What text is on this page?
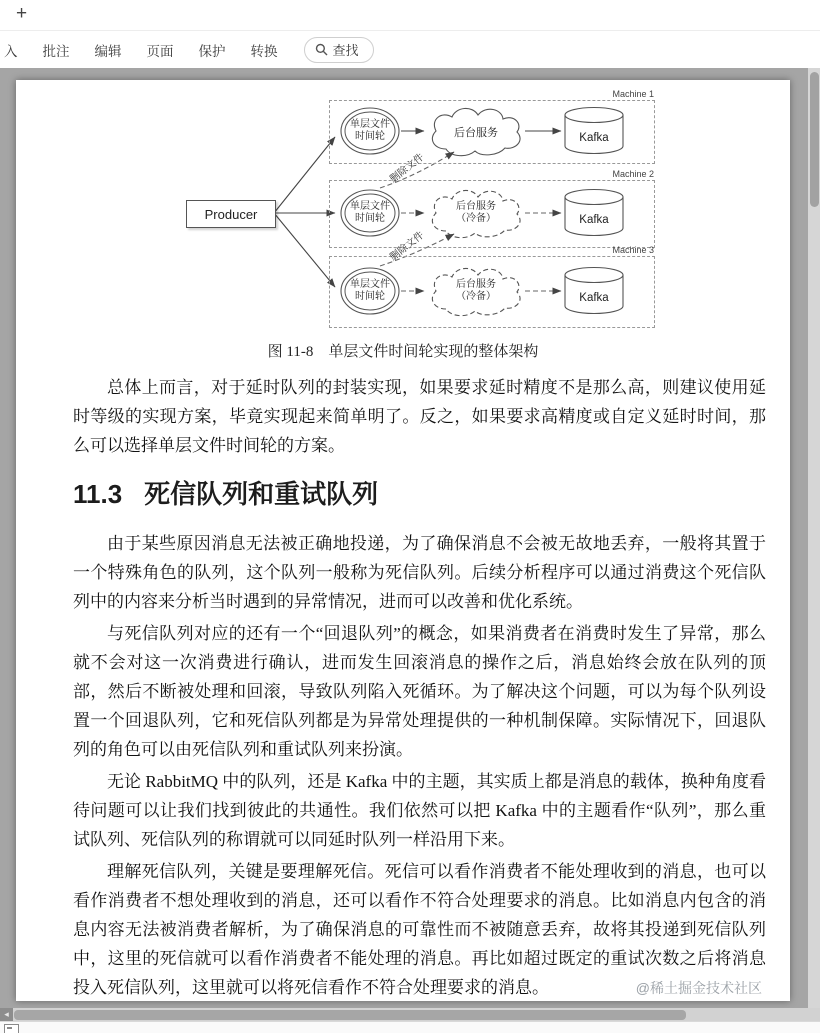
+
入 批注 编辑 页面 保护 转换	查找
Machine 1
Machine 2
Machine 3
Producer
单层文件
时间轮
单层文件
时间轮
单层文件
时间轮
后台服务
后台服务
（冷备）
后台服务
（冷备）
Kafka
Kafka
Kafka
删除文件
删除文件
图 11-8　单层文件时间轮实现的整体架构

总体上而言，对于延时队列的封装实现，如果要求延时精度不是那么高，则建议使用延时等级的实现方案，毕竟实现起来简单明了。反之，如果要求高精度或自定义延时时间，那么可以选择单层文件时间轮的方案。

11.3 死信队列和重试队列

由于某些原因消息无法被正确地投递，为了确保消息不会被无故地丢弃，一般将其置于一个特殊角色的队列，这个队列一般称为死信队列。后续分析程序可以通过消费这个死信队列中的内容来分析当时遇到的异常情况，进而可以改善和优化系统。

与死信队列对应的还有一个“回退队列”的概念，如果消费者在消费时发生了异常，那么就不会对这一次消费进行确认，进而发生回滚消息的操作之后，消息始终会放在队列的顶部，然后不断被处理和回滚，导致队列陷入死循环。为了解决这个问题，可以为每个队列设置一个回退队列，它和死信队列都是为异常处理提供的一种机制保障。实际情况下，回退队列的角色可以由死信队列和重试队列来扮演。

无论 RabbitMQ 中的队列，还是 Kafka 中的主题，其实质上都是消息的载体，换种角度看待问题可以让我们找到彼此的共通性。我们依然可以把 Kafka 中的主题看作“队列”，那么重试队列、死信队列的称谓就可以同延时队列一样沿用下来。

理解死信队列，关键是要理解死信。死信可以看作消费者不能处理收到的消息，也可以看作消费者不想处理收到的消息，还可以看作不符合处理要求的消息。比如消息内包含的消息内容无法被消费者解析，为了确保消息的可靠性而不被随意丢弃，故将其投递到死信队列中，这里的死信就可以看作消费者不能处理的消息。再比如超过既定的重试次数之后将消息投入死信队列，这里就可以将死信看作不符合处理要求的消息。	@稀土掘金技术社区
◂
